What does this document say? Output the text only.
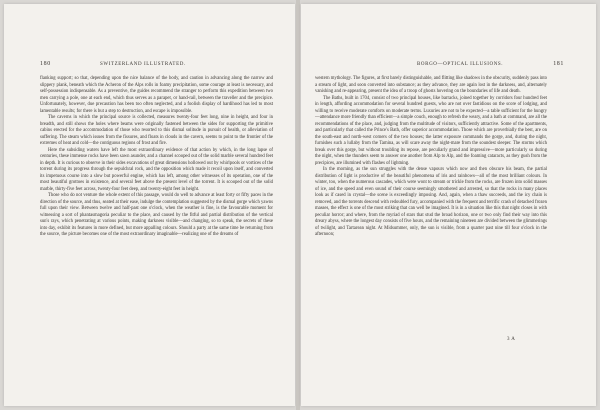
180	SWITZERLAND ILLUSTRATED.

flanking support; so that, depending upon the nice balance of the body, and caution in advancing along the narrow and slippery plank, beneath which the Acheron of the Alps rolls in foamy precipitation, some courage at least is necessary, and self-possession indispensable. As a preventive, the guides recommend the stranger to perform this expedition between two men carrying a pole, one at each end, which thus serves as a parapet, or hand-rail, between the traveller and the precipice. Unfortunately, however, due precaution has been too often neglected, and a foolish display of hardihood has led to most lamentable results; for there is but a step to destruction, and escape is impossible.

The caverns in which the principal source is collected, measures twenty-four feet long, nine in height, and four in breadth, and still shows the holes where beams were originally fastened between the sides for supporting the primitive cabins erected for the accommodation of those who resorted to this dismal solitude in pursuit of health, or alleviation of suffering. The steam which issues from the fissures, and floats in clouds in the cavern, seems to point to the frontier of the extremes of heat and cold—the contiguous regions of frost and fire.

Here the subsiding waters have left the most extraordinary evidence of that action by which, in the long lapse of centuries, these immense rocks have been sawn asunder, and a channel scooped out of the solid marble several hundred feet in depth. It is curious to observe in their sides excavations of great dimensions hollowed out by whirlpools or vortices of the torrent during its progress through the sepulchral rock, and the opposition which made it recoil upon itself, and converted its impetuous course into a slow but powerful engine, which has left, among other witnesses of its operation, one of the most beautiful grottoes in existence, and several feet above the present level of the torrent. It is scooped out of the solid marble, thirty-five feet across, twenty-four feet deep, and twenty-eight feet in height.

Those who do not venture the whole extent of this passage, would do well to advance at least forty or fifty paces in the direction of the source, and thus, seated at their ease, indulge the contemplation suggested by the dismal gorge which yawns full upon their view. Between twelve and half-past one o'clock, when the weather is fine, is the favourable moment for witnessing a sort of phantasmagoria peculiar to the place, and caused by the fitful and partial distribution of the vertical sun's rays, which penetrating at various points, making darkness visible—and changing, so to speak, the secrets of these into day, exhibit its features in more defined, but more appalling colours. Should a party at the same time be returning from the source, the picture becomes one of the most extraordinary imaginable—realizing one of the dreams of

BORGO—OPTICAL ILLUSIONS.	181

western mythology. The figures, at first barely distinguishable, and flitting like shadows in the obscurity, suddenly pass into a stream of light, and soon converted into substance; as they advance, they are again lost in the darkness, and, alternately vanishing and re-appearing, present the idea of a troop of ghosts hovering on the boundaries of life and death.

The Baths, built in 1704, consist of two principal houses, like barracks, joined together by corridors four hundred feet in length, affording accommodation for several hundred guests, who are not over fastidious on the score of lodging, and willing to receive moderate comforts on moderate terms. Luxuries are not to be expected—a table sufficient for the hungry—attendance more friendly than efficient—a simple couch, enough to refresh the weary, and a bath at command, are all the recommendations of the place, and, judging from the multitude of visitors, sufficiently attractive. Some of the apartments, and particularly that called the Prince's Bath, offer superior accommodation. Those which are proverbially the best, are on the south-east and north-west corners of the two houses; the latter exposure commands the gorge, and, during the night, furnishes such a lullaby from the Tamina, as will scare away the night-mare from the soundest sleeper. The storms which break over this gorge, but without troubling its repose, are peculiarly grand and impressive—more particularly so during the night, when the thunders seem to answer one another from Alp to Alp, and the foaming cataracts, as they gush from the precipices, are illumined with flashes of lightning.

In the morning, as the sun struggles with the dense vapours which now and then obscure his beam, the partial distribution of light is productive of the beautiful phenomena of iris and rainbows—all of the most brilliant colours. In winter, too, when the numerous cascades, which were wont to stream or trickle from the rocks, are frozen into solid masses of ice, and the speed and even sound of their course seemingly smothered and arrested, so that the rocks in many places look as if cased in crystal—the scene is exceedingly imposing. And, again, when a thaw succeeds, and the icy chain is removed, and the torrents descend with redoubled fury, accompanied with the frequent and terrific crash of detached frozen masses, the effect is one of the most striking that can well be imagined. It is in a situation like this that night closes in with peculiar horror; and where, from the myriad of stars that stud the broad horizon, one or two only find their way into this dreary abyss, where the longest day consists of five hours, and the remaining nineteen are divided between the glimmerings of twilight, and Tartarean night. At Midsummer, only, the sun is visible, from a quarter past nine till four o'clock in the afternoon;

3 A
